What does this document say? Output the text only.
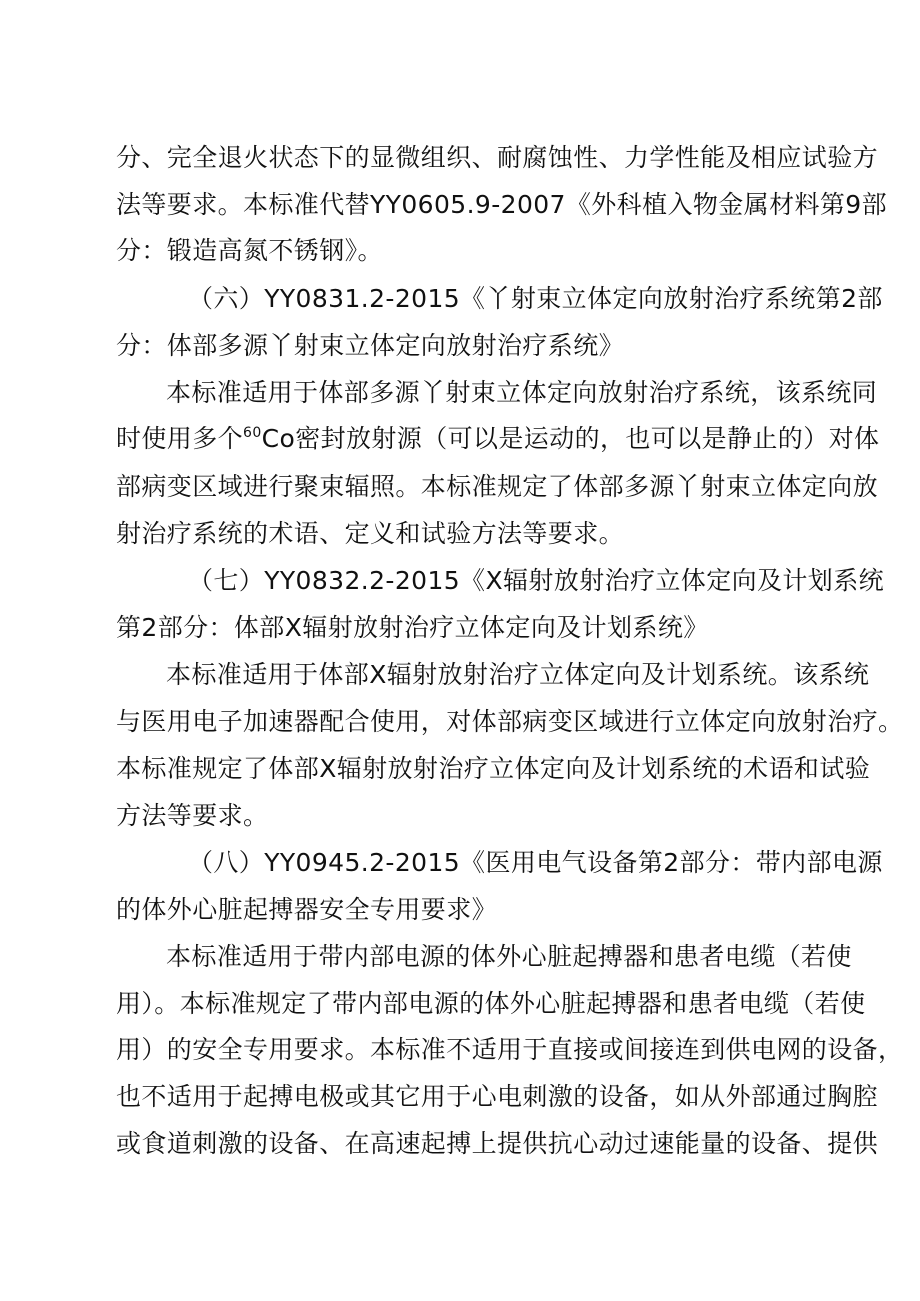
分、完全退火状态下的显微组织、耐腐蚀性、力学性能及相应试验方
法等要求。本标准代替YY0605.9-2007《外科植入物金属材料第9部
分：锻造高氮不锈钢》。
（六）YY0831.2-2015《丫射束立体定向放射治疗系统第2部
分：体部多源丫射束立体定向放射治疗系统》
本标准适用于体部多源丫射束立体定向放射治疗系统，该系统同
时使用多个$^{60}$Co密封放射源（可以是运动的，也可以是静止的）对体
部病变区域进行聚束辐照。本标准规定了体部多源丫射束立体定向放
射治疗系统的术语、定义和试验方法等要求。
（七）YY0832.2-2015《X辐射放射治疗立体定向及计划系统
第2部分：体部X辐射放射治疗立体定向及计划系统》
本标准适用于体部X辐射放射治疗立体定向及计划系统。该系统
与医用电子加速器配合使用，对体部病变区域进行立体定向放射治疗。
本标准规定了体部X辐射放射治疗立体定向及计划系统的术语和试验
方法等要求。
（八）YY0945.2-2015《医用电气设备第2部分：带内部电源
的体外心脏起搏器安全专用要求》
本标准适用于带内部电源的体外心脏起搏器和患者电缆（若使
用）。本标准规定了带内部电源的体外心脏起搏器和患者电缆（若使
用）的安全专用要求。本标准不适用于直接或间接连到供电网的设备，
也不适用于起搏电极或其它用于心电刺激的设备，如从外部通过胸腔
或食道刺激的设备、在高速起搏上提供抗心动过速能量的设备、提供
